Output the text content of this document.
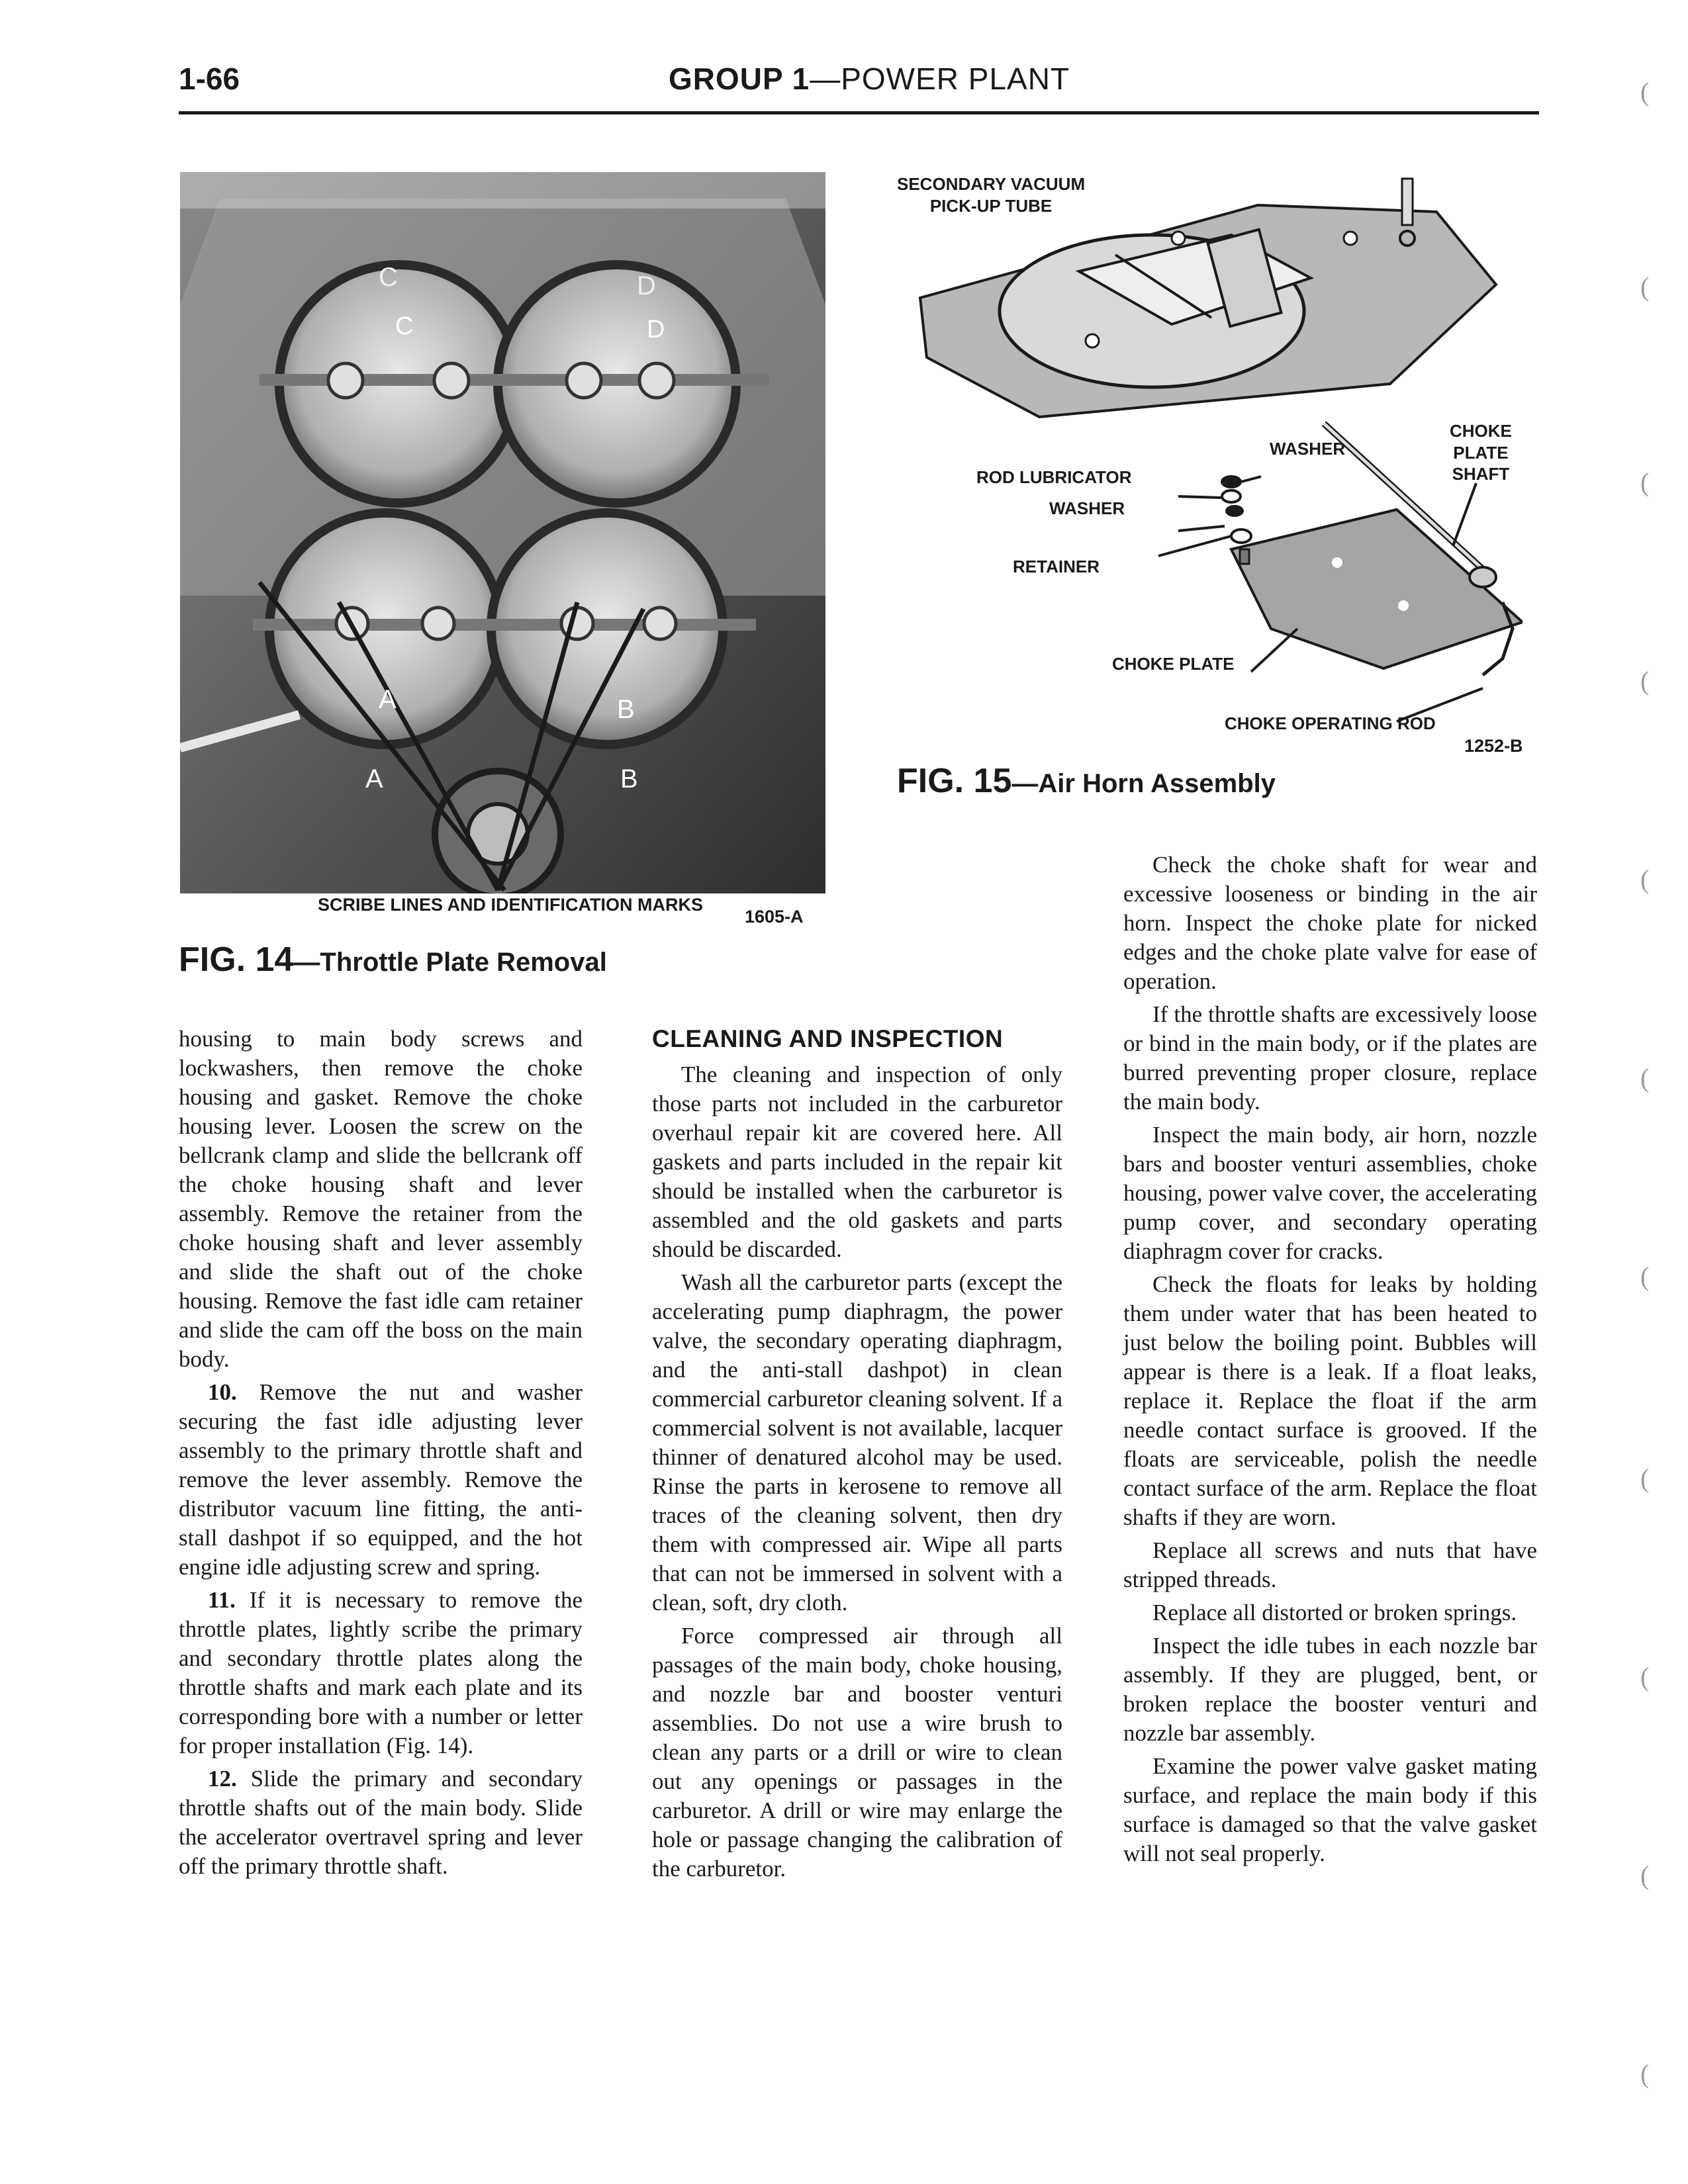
1-66	GROUP 1—POWER PLANT
C	D
C	D
A	B
A	B
SCRIBE LINES AND IDENTIFICATION MARKS
1605-A
FIG. 14—Throttle Plate Removal
SECONDARY VACUUM
PICK-UP TUBE
WASHER
CHOKE
PLATE
SHAFT
ROD LUBRICATOR
WASHER
RETAINER
CHOKE PLATE
CHOKE OPERATING ROD
1252-B
FIG. 15—Air Horn Assembly

housing to main body screws and lockwashers, then remove the choke housing and gasket. Remove the choke housing lever. Loosen the screw on the bellcrank clamp and slide the bellcrank off the choke housing shaft and lever assembly. Remove the retainer from the choke housing shaft and lever assembly and slide the shaft out of the choke housing. Remove the fast idle cam retainer and slide the cam off the boss on the main body.

10. Remove the nut and washer securing the fast idle adjusting lever assembly to the primary throttle shaft and remove the lever assembly. Remove the distributor vacuum line fitting, the anti-stall dashpot if so equipped, and the hot engine idle adjusting screw and spring.

11. If it is necessary to remove the throttle plates, lightly scribe the primary and secondary throttle plates along the throttle shafts and mark each plate and its corresponding bore with a number or letter for proper installation (Fig. 14).

12. Slide the primary and secondary throttle shafts out of the main body. Slide the accelerator overtravel spring and lever off the primary throttle shaft.

CLEANING AND INSPECTION

The cleaning and inspection of only those parts not included in the carburetor overhaul repair kit are covered here. All gaskets and parts included in the repair kit should be installed when the carburetor is assembled and the old gaskets and parts should be discarded.

Wash all the carburetor parts (except the accelerating pump diaphragm, the power valve, the secondary operating diaphragm, and the anti-stall dashpot) in clean commercial carburetor cleaning solvent. If a commercial solvent is not available, lacquer thinner of denatured alcohol may be used. Rinse the parts in kerosene to remove all traces of the cleaning solvent, then dry them with compressed air. Wipe all parts that can not be immersed in solvent with a clean, soft, dry cloth.

Force compressed air through all passages of the main body, choke housing, and nozzle bar and booster venturi assemblies. Do not use a wire brush to clean any parts or a drill or wire to clean out any openings or passages in the carburetor. A drill or wire may enlarge the hole or passage changing the calibration of the carburetor.

Check the choke shaft for wear and excessive looseness or binding in the air horn. Inspect the choke plate for nicked edges and the choke plate valve for ease of operation.

If the throttle shafts are excessively loose or bind in the main body, or if the plates are burred preventing proper closure, replace the main body.

Inspect the main body, air horn, nozzle bars and booster venturi assemblies, choke housing, power valve cover, the accelerating pump cover, and secondary operating diaphragm cover for cracks.

Check the floats for leaks by holding them under water that has been heated to just below the boiling point. Bubbles will appear is there is a leak. If a float leaks, replace it. Replace the float if the arm needle contact surface is grooved. If the floats are serviceable, polish the needle contact surface of the arm. Replace the float shafts if they are worn.

Replace all screws and nuts that have stripped threads.

Replace all distorted or broken springs.

Inspect the idle tubes in each nozzle bar assembly. If they are plugged, bent, or broken replace the booster venturi and nozzle bar assembly.

Examine the power valve gasket mating surface, and replace the main body if this surface is damaged so that the valve gasket will not seal properly.

(
(
(
(
(
(
(
(
(
(
(
